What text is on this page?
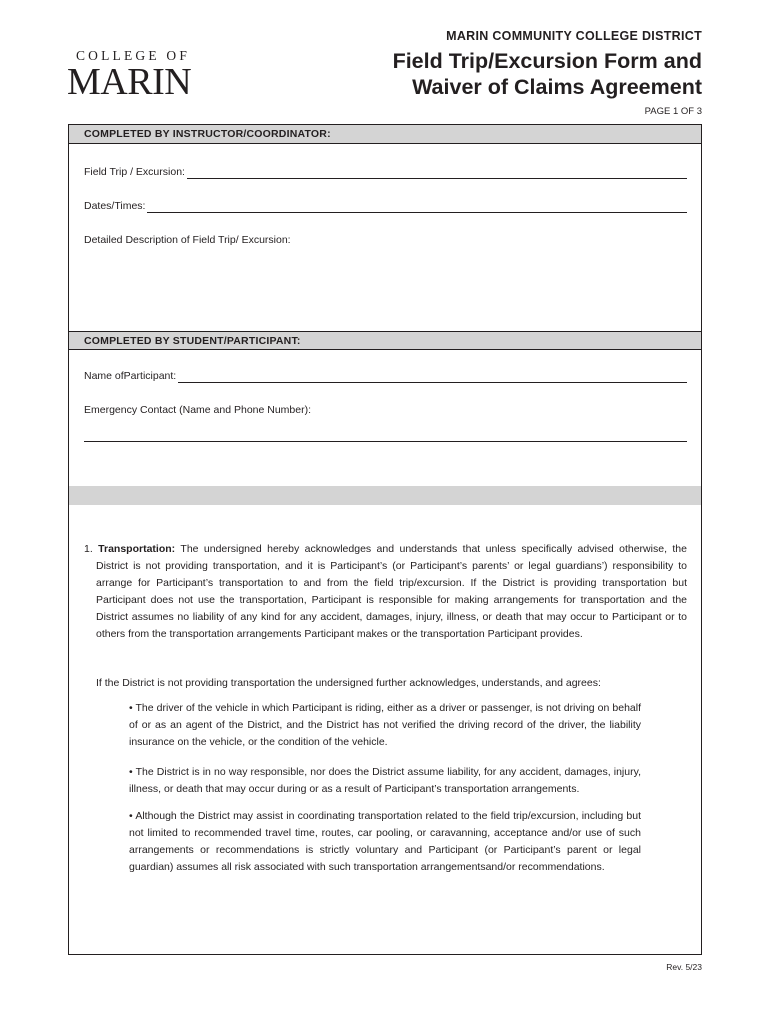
COLLEGE OF
MARIN
MARIN COMMUNITY COLLEGE DISTRICT
Field Trip/Excursion Form and
Waiver of Claims Agreement
PAGE 1 OF 3
COMPLETED BY INSTRUCTOR/COORDINATOR:
Field Trip / Excursion:
Dates/Times:
Detailed Description of Field Trip/ Excursion:
COMPLETED BY STUDENT/PARTICIPANT:
Name ofParticipant:
Emergency Contact (Name and Phone Number):
1. Transportation: The undersigned hereby acknowledges and understands that unless specifically advised otherwise, the District is not providing transportation, and it is Participant’s (or Participant’s parents’ or legal guardians’) responsibility to arrange for Participant’s transportation to and from the field trip/excursion. If the District is providing transportation but Participant does not use the transportation, Participant is responsible for making arrangements for transportation and the District assumes no liability of any kind for any accident, damages, injury, illness, or death that may occur to Participant or to others from the transportation arrangements Participant makes or the transportation Participant provides.
If the District is not providing transportation the undersigned further acknowledges, understands, and agrees:
• The driver of the vehicle in which Participant is riding, either as a driver or passenger, is not driving on behalf of or as an agent of the District, and the District has not verified the driving record of the driver, the liability insurance on the vehicle, or the condition of the vehicle.
• The District is in no way responsible, nor does the District assume liability, for any accident, damages, injury, illness, or death that may occur during or as a result of Participant’s transportation arrangements.
• Although the District may assist in coordinating transportation related to the field trip/excursion, including but not limited to recommended travel time, routes, car pooling, or caravanning, acceptance and/or use of such arrangements or recommendations is strictly voluntary and Participant (or Participant’s parent or legal guardian) assumes all risk associated with such transportation arrangementsand/or recommendations.
Rev. 5/23
